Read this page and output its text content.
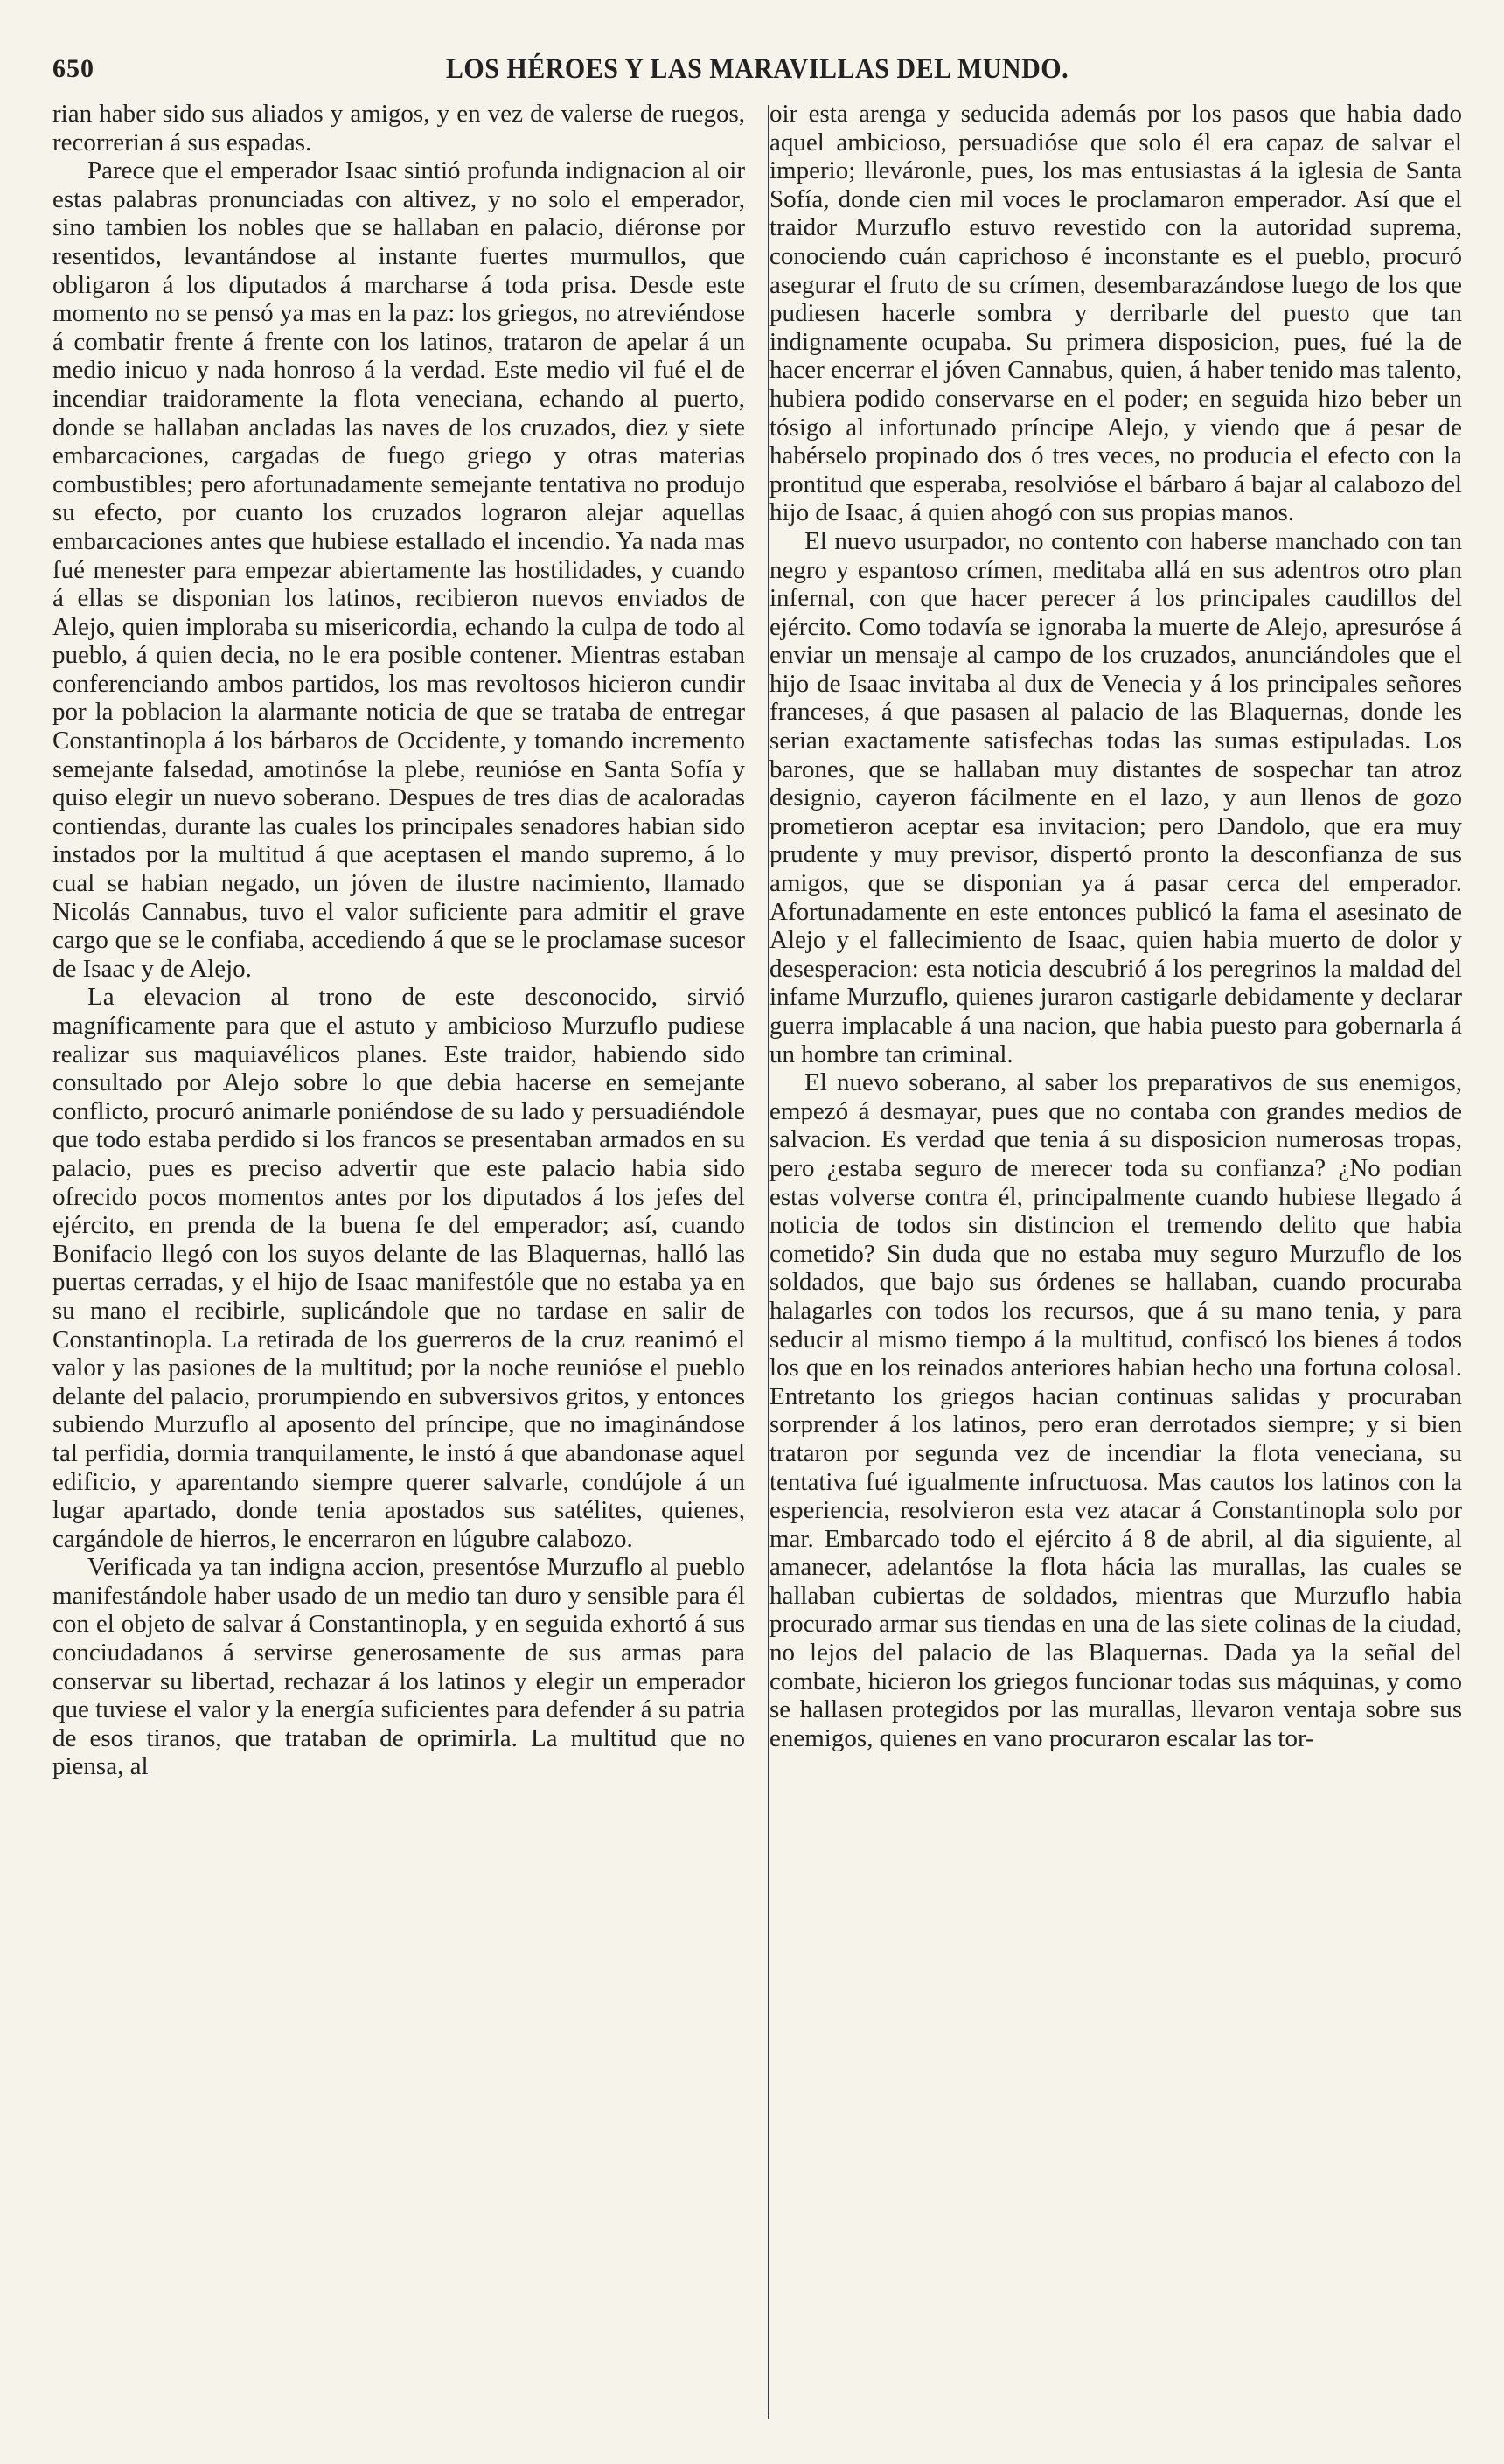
650	LOS HÉROES Y LAS MARAVILLAS DEL MUNDO.

rian haber sido sus aliados y amigos, y en vez de valerse de ruegos, recorrerian á sus espadas.

Parece que el emperador Isaac sintió profunda indignacion al oir estas palabras pronunciadas con altivez, y no solo el emperador, sino tambien los nobles que se hallaban en palacio, diéronse por resentidos, levantándose al instante fuertes murmullos, que obligaron á los diputados á marcharse á toda prisa. Desde este momento no se pensó ya mas en la paz: los griegos, no atreviéndose á combatir frente á frente con los latinos, trataron de apelar á un medio inicuo y nada honroso á la verdad. Este medio vil fué el de incendiar traidoramente la flota veneciana, echando al puerto, donde se hallaban ancladas las naves de los cruzados, diez y siete embarcaciones, cargadas de fuego griego y otras materias combustibles; pero afortunadamente semejante tentativa no produjo su efecto, por cuanto los cruzados lograron alejar aquellas embarcaciones antes que hubiese estallado el incendio. Ya nada mas fué menester para empezar abiertamente las hostilidades, y cuando á ellas se disponian los latinos, recibieron nuevos enviados de Alejo, quien imploraba su misericordia, echando la culpa de todo al pueblo, á quien decia, no le era posible contener. Mientras estaban conferenciando ambos partidos, los mas revoltosos hicieron cundir por la poblacion la alarmante noticia de que se trataba de entregar Constantinopla á los bárbaros de Occidente, y tomando incremento semejante falsedad, amotinóse la plebe, reunióse en Santa Sofía y quiso elegir un nuevo soberano. Despues de tres dias de acaloradas contiendas, durante las cuales los principales senadores habian sido instados por la multitud á que aceptasen el mando supremo, á lo cual se habian negado, un jóven de ilustre nacimiento, llamado Nicolás Cannabus, tuvo el valor suficiente para admitir el grave cargo que se le confiaba, accediendo á que se le proclamase sucesor de Isaac y de Alejo.

La elevacion al trono de este desconocido, sirvió magníficamente para que el astuto y ambicioso Murzuflo pudiese realizar sus maquiavélicos planes. Este traidor, habiendo sido consultado por Alejo sobre lo que debia hacerse en semejante conflicto, procuró animarle poniéndose de su lado y persuadiéndole que todo estaba perdido si los francos se presentaban armados en su palacio, pues es preciso advertir que este palacio habia sido ofrecido pocos momentos antes por los diputados á los jefes del ejército, en prenda de la buena fe del emperador; así, cuando Bonifacio llegó con los suyos delante de las Blaquernas, halló las puertas cerradas, y el hijo de Isaac manifestóle que no estaba ya en su mano el recibirle, suplicándole que no tardase en salir de Constantinopla. La retirada de los guerreros de la cruz reanimó el valor y las pasiones de la multitud; por la noche reunióse el pueblo delante del palacio, prorumpiendo en subversivos gritos, y entonces subiendo Murzuflo al aposento del príncipe, que no imaginándose tal perfidia, dormia tranquilamente, le instó á que abandonase aquel edificio, y aparentando siempre querer salvarle, condújole á un lugar apartado, donde tenia apostados sus satélites, quienes, cargándole de hierros, le encerraron en lúgubre calabozo.

Verificada ya tan indigna accion, presentóse Murzuflo al pueblo manifestándole haber usado de un medio tan duro y sensible para él con el objeto de salvar á Constantinopla, y en seguida exhortó á sus conciudadanos á servirse generosamente de sus armas para conservar su libertad, rechazar á los latinos y elegir un emperador que tuviese el valor y la energía suficientes para defender á su patria de esos tiranos, que trataban de oprimirla. La multitud que no piensa, al

oir esta arenga y seducida además por los pasos que habia dado aquel ambicioso, persuadióse que solo él era capaz de salvar el imperio; lleváronle, pues, los mas entusiastas á la iglesia de Santa Sofía, donde cien mil voces le proclamaron emperador. Así que el traidor Murzuflo estuvo revestido con la autoridad suprema, conociendo cuán caprichoso é inconstante es el pueblo, procuró asegurar el fruto de su crímen, desembarazándose luego de los que pudiesen hacerle sombra y derribarle del puesto que tan indignamente ocupaba. Su primera disposicion, pues, fué la de hacer encerrar el jóven Cannabus, quien, á haber tenido mas talento, hubiera podido conservarse en el poder; en seguida hizo beber un tósigo al infortunado príncipe Alejo, y viendo que á pesar de habérselo propinado dos ó tres veces, no producia el efecto con la prontitud que esperaba, resolvióse el bárbaro á bajar al calabozo del hijo de Isaac, á quien ahogó con sus propias manos.

El nuevo usurpador, no contento con haberse manchado con tan negro y espantoso crímen, meditaba allá en sus adentros otro plan infernal, con que hacer perecer á los principales caudillos del ejército. Como todavía se ignoraba la muerte de Alejo, apresuróse á enviar un mensaje al campo de los cruzados, anunciándoles que el hijo de Isaac invitaba al dux de Venecia y á los principales señores franceses, á que pasasen al palacio de las Blaquernas, donde les serian exactamente satisfechas todas las sumas estipuladas. Los barones, que se hallaban muy distantes de sospechar tan atroz designio, cayeron fácilmente en el lazo, y aun llenos de gozo prometieron aceptar esa invitacion; pero Dandolo, que era muy prudente y muy previsor, dispertó pronto la desconfianza de sus amigos, que se disponian ya á pasar cerca del emperador. Afortunadamente en este entonces publicó la fama el asesinato de Alejo y el fallecimiento de Isaac, quien habia muerto de dolor y desesperacion: esta noticia descubrió á los peregrinos la maldad del infame Murzuflo, quienes juraron castigarle debidamente y declarar guerra implacable á una nacion, que habia puesto para gobernarla á un hombre tan criminal.

El nuevo soberano, al saber los preparativos de sus enemigos, empezó á desmayar, pues que no contaba con grandes medios de salvacion. Es verdad que tenia á su disposicion numerosas tropas, pero ¿estaba seguro de merecer toda su confianza? ¿No podian estas volverse contra él, principalmente cuando hubiese llegado á noticia de todos sin distincion el tremendo delito que habia cometido? Sin duda que no estaba muy seguro Murzuflo de los soldados, que bajo sus órdenes se hallaban, cuando procuraba halagarles con todos los recursos, que á su mano tenia, y para seducir al mismo tiempo á la multitud, confiscó los bienes á todos los que en los reinados anteriores habian hecho una fortuna colosal. Entretanto los griegos hacian continuas salidas y procuraban sorprender á los latinos, pero eran derrotados siempre; y si bien trataron por segunda vez de incendiar la flota veneciana, su tentativa fué igualmente infructuosa. Mas cautos los latinos con la esperiencia, resolvieron esta vez atacar á Constantinopla solo por mar. Embarcado todo el ejército á 8 de abril, al dia siguiente, al amanecer, adelantóse la flota hácia las murallas, las cuales se hallaban cubiertas de soldados, mientras que Murzuflo habia procurado armar sus tiendas en una de las siete colinas de la ciudad, no lejos del palacio de las Blaquernas. Dada ya la señal del combate, hicieron los griegos funcionar todas sus máquinas, y como se hallasen protegidos por las murallas, llevaron ventaja sobre sus enemigos, quienes en vano procuraron escalar las tor-
